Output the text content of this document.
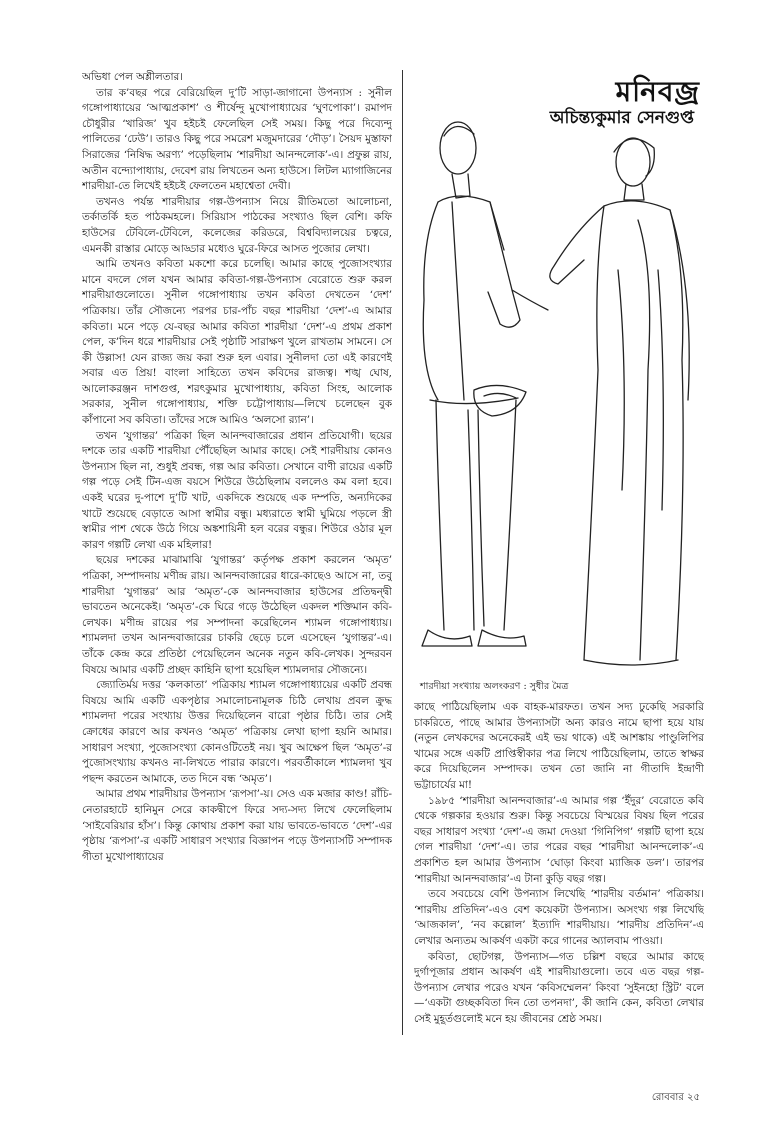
অভিধা পেল অশ্লীলতার।

তার ক’বছর পরে বেরিয়েছিল দু’টি সাড়া-জাগানো উপন্যাস : সুনীল গঙ্গোপাধ্যায়ের ‘আত্মপ্রকাশ’ ও শীর্ষেন্দু মুখোপাধ্যায়ের ‘ঘুণপোকা’। রমাপদ চৌধুরীর ‘খারিজ’ খুব হইচই ফেলেছিল সেই সময়। কিছু পরে দিব্যেন্দু পালিতের ‘ঢেউ’। তারও কিছু পরে সমরেশ মজুমদারের ‘দৌড়’। সৈয়দ মুস্তাফা সিরাজের ‘নিষিদ্ধ অরণ্য’ পড়েছিলাম ‘শারদীয়া আনন্দলোক’-এ। প্রফুল্ল রায়, অতীন বন্দ্যোপাধ্যায়, দেবেশ রায় লিখতেন অন্য হাউসে। লিটল ম্যাগাজিনের শারদীয়া-তে লিখেই হইচই ফেলতেন মহাশ্বেতা দেবী।

তখনও পর্যন্ত শারদীয়ার গল্প-উপন্যাস নিয়ে রীতিমতো আলোচনা, তর্কাতর্কি হত পাঠকমহলে। সিরিয়াস পাঠকের সংখ্যাও ছিল বেশি। কফি হাউসের টেবিলে-টেবিলে, কলেজের করিডরে, বিশ্ববিদ্যালয়ের চত্বরে, এমনকী রাস্তার মোড়ে আড্ডার মধ্যেও ঘুরে-ফিরে আসত পুজোর লেখা।

আমি তখনও কবিতা মকশো করে চলেছি। আমার কাছে পুজোসংখ্যার মানে বদলে গেল যখন আমার কবিতা-গল্প-উপন্যাস বেরোতে শুরু করল শারদীয়াগুলোতে। সুনীল গঙ্গোপাধ্যায় তখন কবিতা দেখতেন ‘দেশ’ পত্রিকায়। তাঁর সৌজন্যে পরপর চার-পাঁচ বছর শারদীয়া ‘দেশ’-এ আমার কবিতা। মনে পড়ে যে-বছর আমার কবিতা শারদীয়া ‘দেশ’-এ প্রথম প্রকাশ পেল, ক’দিন ধরে শারদীয়ার সেই পৃষ্ঠাটি সারাক্ষণ খুলে রাখতাম সামনে। সে কী উল্লাস! যেন রাজ্য জয় করা শুরু হল এবার। সুনীলদা তো এই কারণেই সবার এত প্রিয়! বাংলা সাহিত্যে তখন কবিদের রাজত্ব। শঙ্খ ঘোষ, আলোকরঞ্জন দাশগুপ্ত, শরৎকুমার মুখোপাধ্যায়, কবিতা সিংহ, আলোক সরকার, সুনীল গঙ্গোপাধ্যায়, শক্তি চট্টোপাধ্যায়—লিখে চলেছেন বুক কাঁপানো সব কবিতা। তাঁদের সঙ্গে আমিও ‘অলসো র‍্যান’।

তখন ‘যুগান্তর’ পত্রিকা ছিল আনন্দবাজারের প্রধান প্রতিযোগী। ছয়ের দশকে তার একটি শারদীয়া পৌঁছেছিল আমার কাছে। সেই শারদীয়ায় কোনও উপন্যাস ছিল না, শুধুই প্রবন্ধ, গল্প আর কবিতা। সেখানে বাণী রায়ের একটি গল্প পড়ে সেই টিন-এজ বয়সে শিউরে উঠেছিলাম বললেও কম বলা হবে। একই ঘরের দু-পাশে দু’টি খাট, একদিকে শুয়েছে এক দম্পতি, অন্যদিকের খাটে শুয়েছে বেড়াতে আসা স্বামীর বন্ধু। মধ্যরাতে স্বামী ঘুমিয়ে পড়লে স্ত্রী স্বামীর পাশ থেকে উঠে গিয়ে অঙ্কশায়িনী হল বরের বন্ধুর। শিউরে ওঠার মূল কারণ গল্পটি লেখা এক মহিলার!

ছয়ের দশকের মাঝামাঝি ‘যুগান্তর’ কর্তৃপক্ষ প্রকাশ করলেন ‘অমৃত’ পত্রিকা, সম্পাদনায় মণীন্দ্র রায়। আনন্দবাজারের ধারে-কাছেও আসে না, তবু শারদীয়া ‘যুগান্তর’ আর ‘অমৃত’-কে আনন্দবাজার হাউসের প্রতিদ্বন্দ্বী ভাবতেন অনেকেই। ‘অমৃত’-কে ঘিরে গড়ে উঠেছিল একদল শক্তিমান কবি-লেখক। মণীন্দ্র রায়ের পর সম্পাদনা করেছিলেন শ্যামল গঙ্গোপাধ্যায়। শ্যামলদা তখন আনন্দবাজারের চাকরি ছেড়ে চলে এসেছেন ‘যুগান্তর’-এ। তাঁকে কেন্দ্র করে প্রতিষ্ঠা পেয়েছিলেন অনেক নতুন কবি-লেখক। সুন্দরবন বিষয়ে আমার একটি প্রচ্ছদ কাহিনি ছাপা হয়েছিল শ্যামলদার সৌজন্যে।

জ্যোতির্ময় দত্তর ‘কলকাতা’ পত্রিকায় শ্যামল গঙ্গোপাধ্যায়ের একটি প্রবন্ধ বিষয়ে আমি একটি একপৃষ্ঠার সমালোচনামূলক চিঠি লেখায় প্রবল ক্রুদ্ধ শ্যামলদা পরের সংখ্যায় উত্তর দিয়েছিলেন বারো পৃষ্ঠার চিঠি। তার সেই ক্রোধের কারণে আর কখনও ‘অমৃত’ পত্রিকায় লেখা ছাপা হয়নি আমার। সাধারণ সংখ্যা, পুজোসংখ্যা কোনওটিতেই নয়। খুব আক্ষেপ ছিল ‘অমৃত’-র পুজোসংখ্যায় কখনও না-লিখতে পারার কারণে। পরবর্তীকালে শ্যামলদা খুব পছন্দ করতেন আমাকে, তত দিনে বন্ধ ‘অমৃত’।

আমার প্রথম শারদীয়ার উপন্যাস ‘রূপসা’-য়। সেও এক মজার কাণ্ড! রাঁচি-নেতারহাটে হানিমুন সেরে কাকদ্বীপে ফিরে সদ্য-সদ্য লিখে ফেলেছিলাম ‘সাইবেরিয়ার হাঁস’। কিন্তু কোথায় প্রকাশ করা যায় ভাবতে-ভাবতে ‘দেশ’-এর পৃষ্ঠায় ‘রূপসা’-র একটি সাধারণ সংখ্যার বিজ্ঞাপন পড়ে উপন্যাসটি সম্পাদক গীতা মুখোপাধ্যায়ের

মনিবজ্র
অচিন্ত্যকুমার সেনগুপ্ত
শারদীয়া সংখ্যায় অলংকরণ : সুধীর মৈত্র

কাছে পাঠিয়েছিলাম এক বাহক-মারফত। তখন সদ্য ঢুকেছি সরকারি চাকরিতে, পাছে আমার উপন্যাসটা অন্য কারও নামে ছাপা হয়ে যায় (নতুন লেখকদের অনেকেরই এই ভয় থাকে) এই আশঙ্কায় পাণ্ডুলিপির খামের সঙ্গে একটি প্রাপ্তিস্বীকার পত্র লিখে পাঠিয়েছিলাম, তাতে স্বাক্ষর করে দিয়েছিলেন সম্পাদক। তখন তো জানি না গীতাদি ইন্দ্রাণী ভট্টাচার্যের মা!

১৯৮৫ ‘শারদীয়া আনন্দবাজার’-এ আমার গল্প ‘ইঁদুর’ বেরোতে কবি থেকে গল্পকার হওয়ার শুরু। কিন্তু সবচেয়ে বিস্ময়ের বিষয় ছিল পরের বছর সাধারণ সংখ্যা ‘দেশ’-এ জমা দেওয়া ‘গিনিপিগ’ গল্পটি ছাপা হয়ে গেল শারদীয়া ‘দেশ’-এ। তার পরের বছর ‘শারদীয়া আনন্দলোক’-এ প্রকাশিত হল আমার উপন্যাস ‘ঘোড়া কিংবা ম্যাজিক ডল’। তারপর ‘শারদীয়া আনন্দবাজার’-এ টানা কুড়ি বছর গল্প।

তবে সবচেয়ে বেশি উপন্যাস লিখেছি ‘শারদীয় বর্তমান’ পত্রিকায়। ‘শারদীয় প্রতিদিন’-এও বেশ কয়েকটা উপন্যাস। অসংখ্য গল্প লিখেছি ‘আজকাল’, ‘নব কল্লোল’ ইত্যাদি শারদীয়ায়। ‘শারদীয় প্রতিদিন’-এ লেখার অন্যতম আকর্ষণ একটা করে গানের অ্যালবাম পাওয়া।

কবিতা, ছোটগল্প, উপন্যাস—গত চল্লিশ বছরে আমার কাছে দুর্গাপূজার প্রধান আকর্ষণ এই শারদীয়াগুলো। তবে এত বছর গল্প-উপন্যাস লেখার পরেও যখন ‘কবিসম্মেলন’ কিংবা ‘সুইনহো স্ট্রিট’ বলে—‘একটা গুচ্ছকবিতা দিন তো তপনদা’, কী জানি কেন, কবিতা লেখার সেই মুহূর্তগুলোই মনে হয় জীবনের শ্রেষ্ঠ সময়।

রোববার ২৫
